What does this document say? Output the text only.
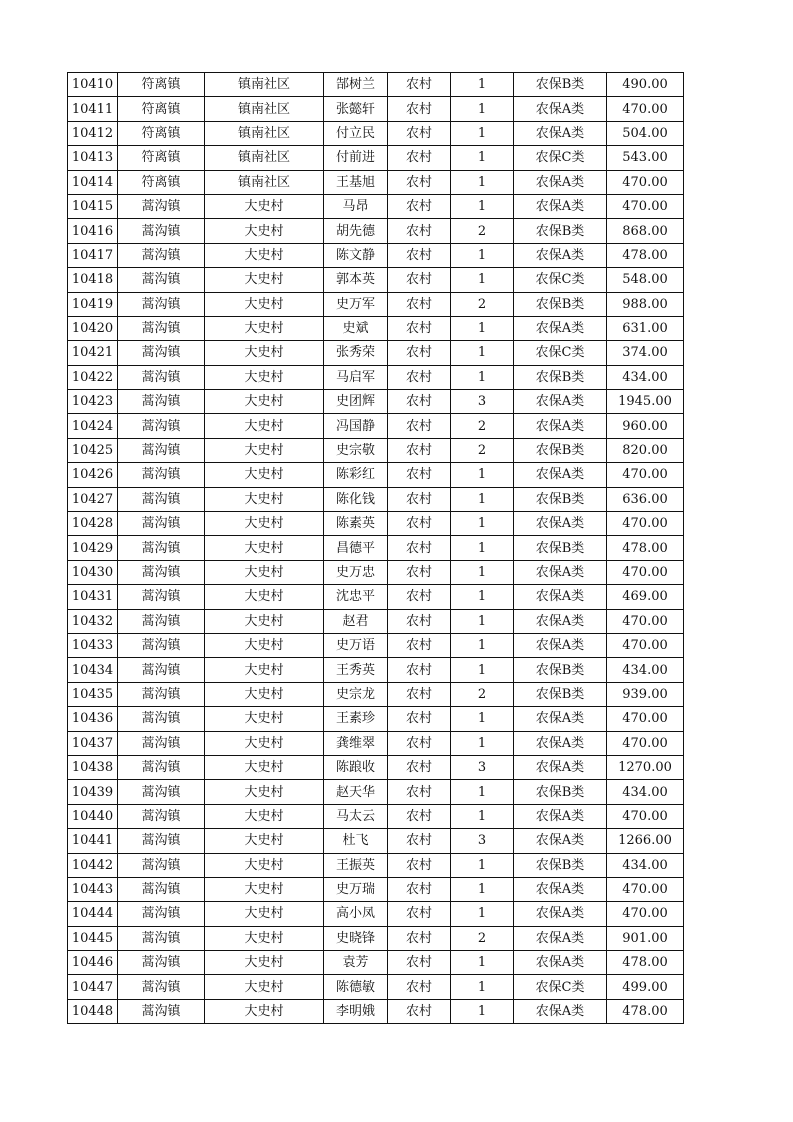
10410	符离镇	镇南社区	郜树兰	农村	1	农保B类	490.00
10411	符离镇	镇南社区	张懿轩	农村	1	农保A类	470.00
10412	符离镇	镇南社区	付立民	农村	1	农保A类	504.00
10413	符离镇	镇南社区	付前进	农村	1	农保C类	543.00
10414	符离镇	镇南社区	王基旭	农村	1	农保A类	470.00
10415	蒿沟镇	大史村	马昂	农村	1	农保A类	470.00
10416	蒿沟镇	大史村	胡先德	农村	2	农保B类	868.00
10417	蒿沟镇	大史村	陈文静	农村	1	农保A类	478.00
10418	蒿沟镇	大史村	郭本英	农村	1	农保C类	548.00
10419	蒿沟镇	大史村	史万军	农村	2	农保B类	988.00
10420	蒿沟镇	大史村	史斌	农村	1	农保A类	631.00
10421	蒿沟镇	大史村	张秀荣	农村	1	农保C类	374.00
10422	蒿沟镇	大史村	马启军	农村	1	农保B类	434.00
10423	蒿沟镇	大史村	史团辉	农村	3	农保A类	1945.00
10424	蒿沟镇	大史村	冯国静	农村	2	农保A类	960.00
10425	蒿沟镇	大史村	史宗敬	农村	2	农保B类	820.00
10426	蒿沟镇	大史村	陈彩红	农村	1	农保A类	470.00
10427	蒿沟镇	大史村	陈化钱	农村	1	农保B类	636.00
10428	蒿沟镇	大史村	陈素英	农村	1	农保A类	470.00
10429	蒿沟镇	大史村	昌德平	农村	1	农保B类	478.00
10430	蒿沟镇	大史村	史万忠	农村	1	农保A类	470.00
10431	蒿沟镇	大史村	沈忠平	农村	1	农保A类	469.00
10432	蒿沟镇	大史村	赵君	农村	1	农保A类	470.00
10433	蒿沟镇	大史村	史万语	农村	1	农保A类	470.00
10434	蒿沟镇	大史村	王秀英	农村	1	农保B类	434.00
10435	蒿沟镇	大史村	史宗龙	农村	2	农保B类	939.00
10436	蒿沟镇	大史村	王素珍	农村	1	农保A类	470.00
10437	蒿沟镇	大史村	龚维翠	农村	1	农保A类	470.00
10438	蒿沟镇	大史村	陈踉收	农村	3	农保A类	1270.00
10439	蒿沟镇	大史村	赵天华	农村	1	农保B类	434.00
10440	蒿沟镇	大史村	马太云	农村	1	农保A类	470.00
10441	蒿沟镇	大史村	杜飞	农村	3	农保A类	1266.00
10442	蒿沟镇	大史村	王振英	农村	1	农保B类	434.00
10443	蒿沟镇	大史村	史万瑞	农村	1	农保A类	470.00
10444	蒿沟镇	大史村	高小凤	农村	1	农保A类	470.00
10445	蒿沟镇	大史村	史晓锋	农村	2	农保A类	901.00
10446	蒿沟镇	大史村	袁芳	农村	1	农保A类	478.00
10447	蒿沟镇	大史村	陈德敏	农村	1	农保C类	499.00
10448	蒿沟镇	大史村	李明娥	农村	1	农保A类	478.00
